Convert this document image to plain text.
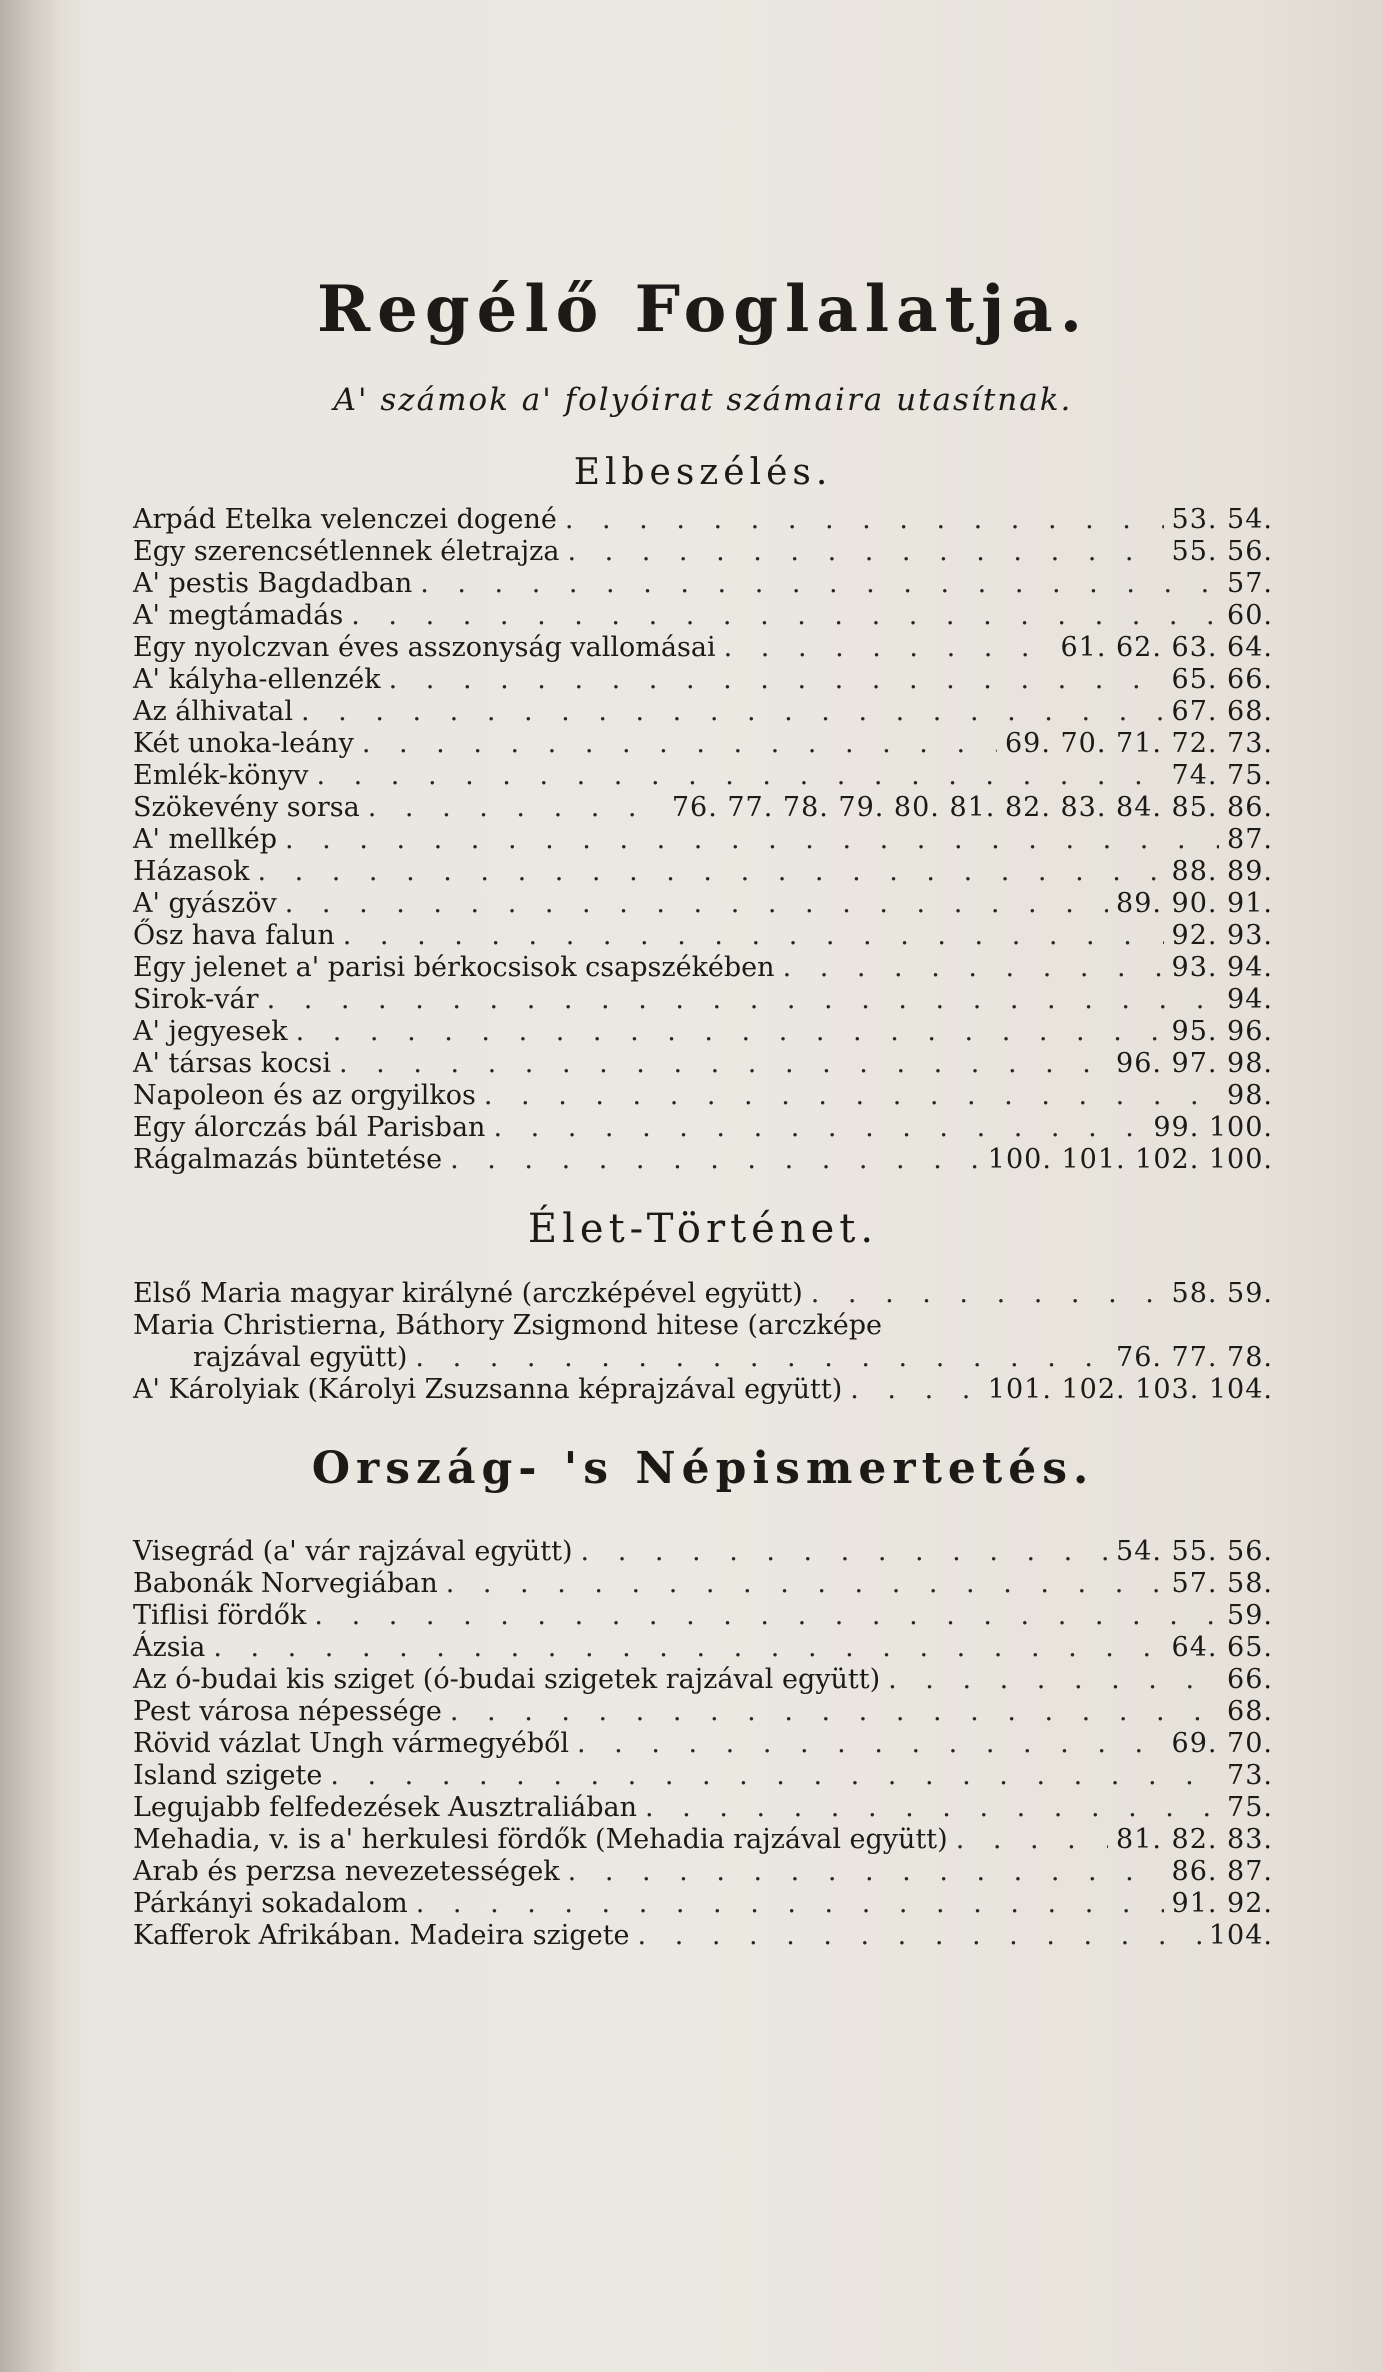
Regélő Foglalatja.
A' számok a' folyóirat számaira utasítnak.
Elbeszélés.
Arpád Etelka velenczei dogené . . .	53. 54.
Egy szerencsétlennek életrajza . . .	55. 56.
A' pestis Bagdadban . . .	57.
A' megtámadás . . .	60.
Egy nyolczvan éves asszonyság vallomásai . . .	61. 62. 63. 64.
A' kályha-ellenzék . . .	65. 66.
Az álhivatal . . .	67. 68.
Két unoka-leány . . .	69. 70. 71. 72. 73.
Emlék-könyv . . .	74. 75.
Szökevény sorsa . . .	76. 77. 78. 79. 80. 81. 82. 83. 84. 85. 86.
A' mellkép . . .	87.
Házasok . . .	88. 89.
A' gyászöv . . .	89. 90. 91.
Ősz hava falun . . .	92. 93.
Egy jelenet a' parisi bérkocsisok csapszékében . . .	93. 94.
Sirok-vár . . .	94.
A' jegyesek . . .	95. 96.
A' társas kocsi . . .	96. 97. 98.
Napoleon és az orgyilkos . . .	98.
Egy álorczás bál Parisban . . .	99. 100.
Rágalmazás büntetése . . .	100. 101. 102. 100.
Élet-Történet.
Első Maria magyar királyné (arczképével együtt) . . .	58. 59.
Maria Christierna, Báthory Zsigmond hitese (arczképe
rajzával együtt) . . .	76. 77. 78.
A' Károlyiak (Károlyi Zsuzsanna képrajzával együtt) . . .	101. 102. 103. 104.
Ország- 's Népismertetés.
Visegrád (a' vár rajzával együtt) . . .	54. 55. 56.
Babonák Norvegiában . . .	57. 58.
Tiflisi fördők . . .	59.
Ázsia . . .	64. 65.
Az ó-budai kis sziget (ó-budai szigetek rajzával együtt) . . .	66.
Pest városa népessége . . .	68.
Rövid vázlat Ungh vármegyéből . . .	69. 70.
Island szigete . . .	73.
Legujabb felfedezések Ausztraliában . . .	75.
Mehadia, v. is a' herkulesi fördők (Mehadia rajzával együtt) . . .	81. 82. 83.
Arab és perzsa nevezetességek . . .	86. 87.
Párkányi sokadalom . . .	91. 92.
Kafferok Afrikában. Madeira szigete . . .	104.
